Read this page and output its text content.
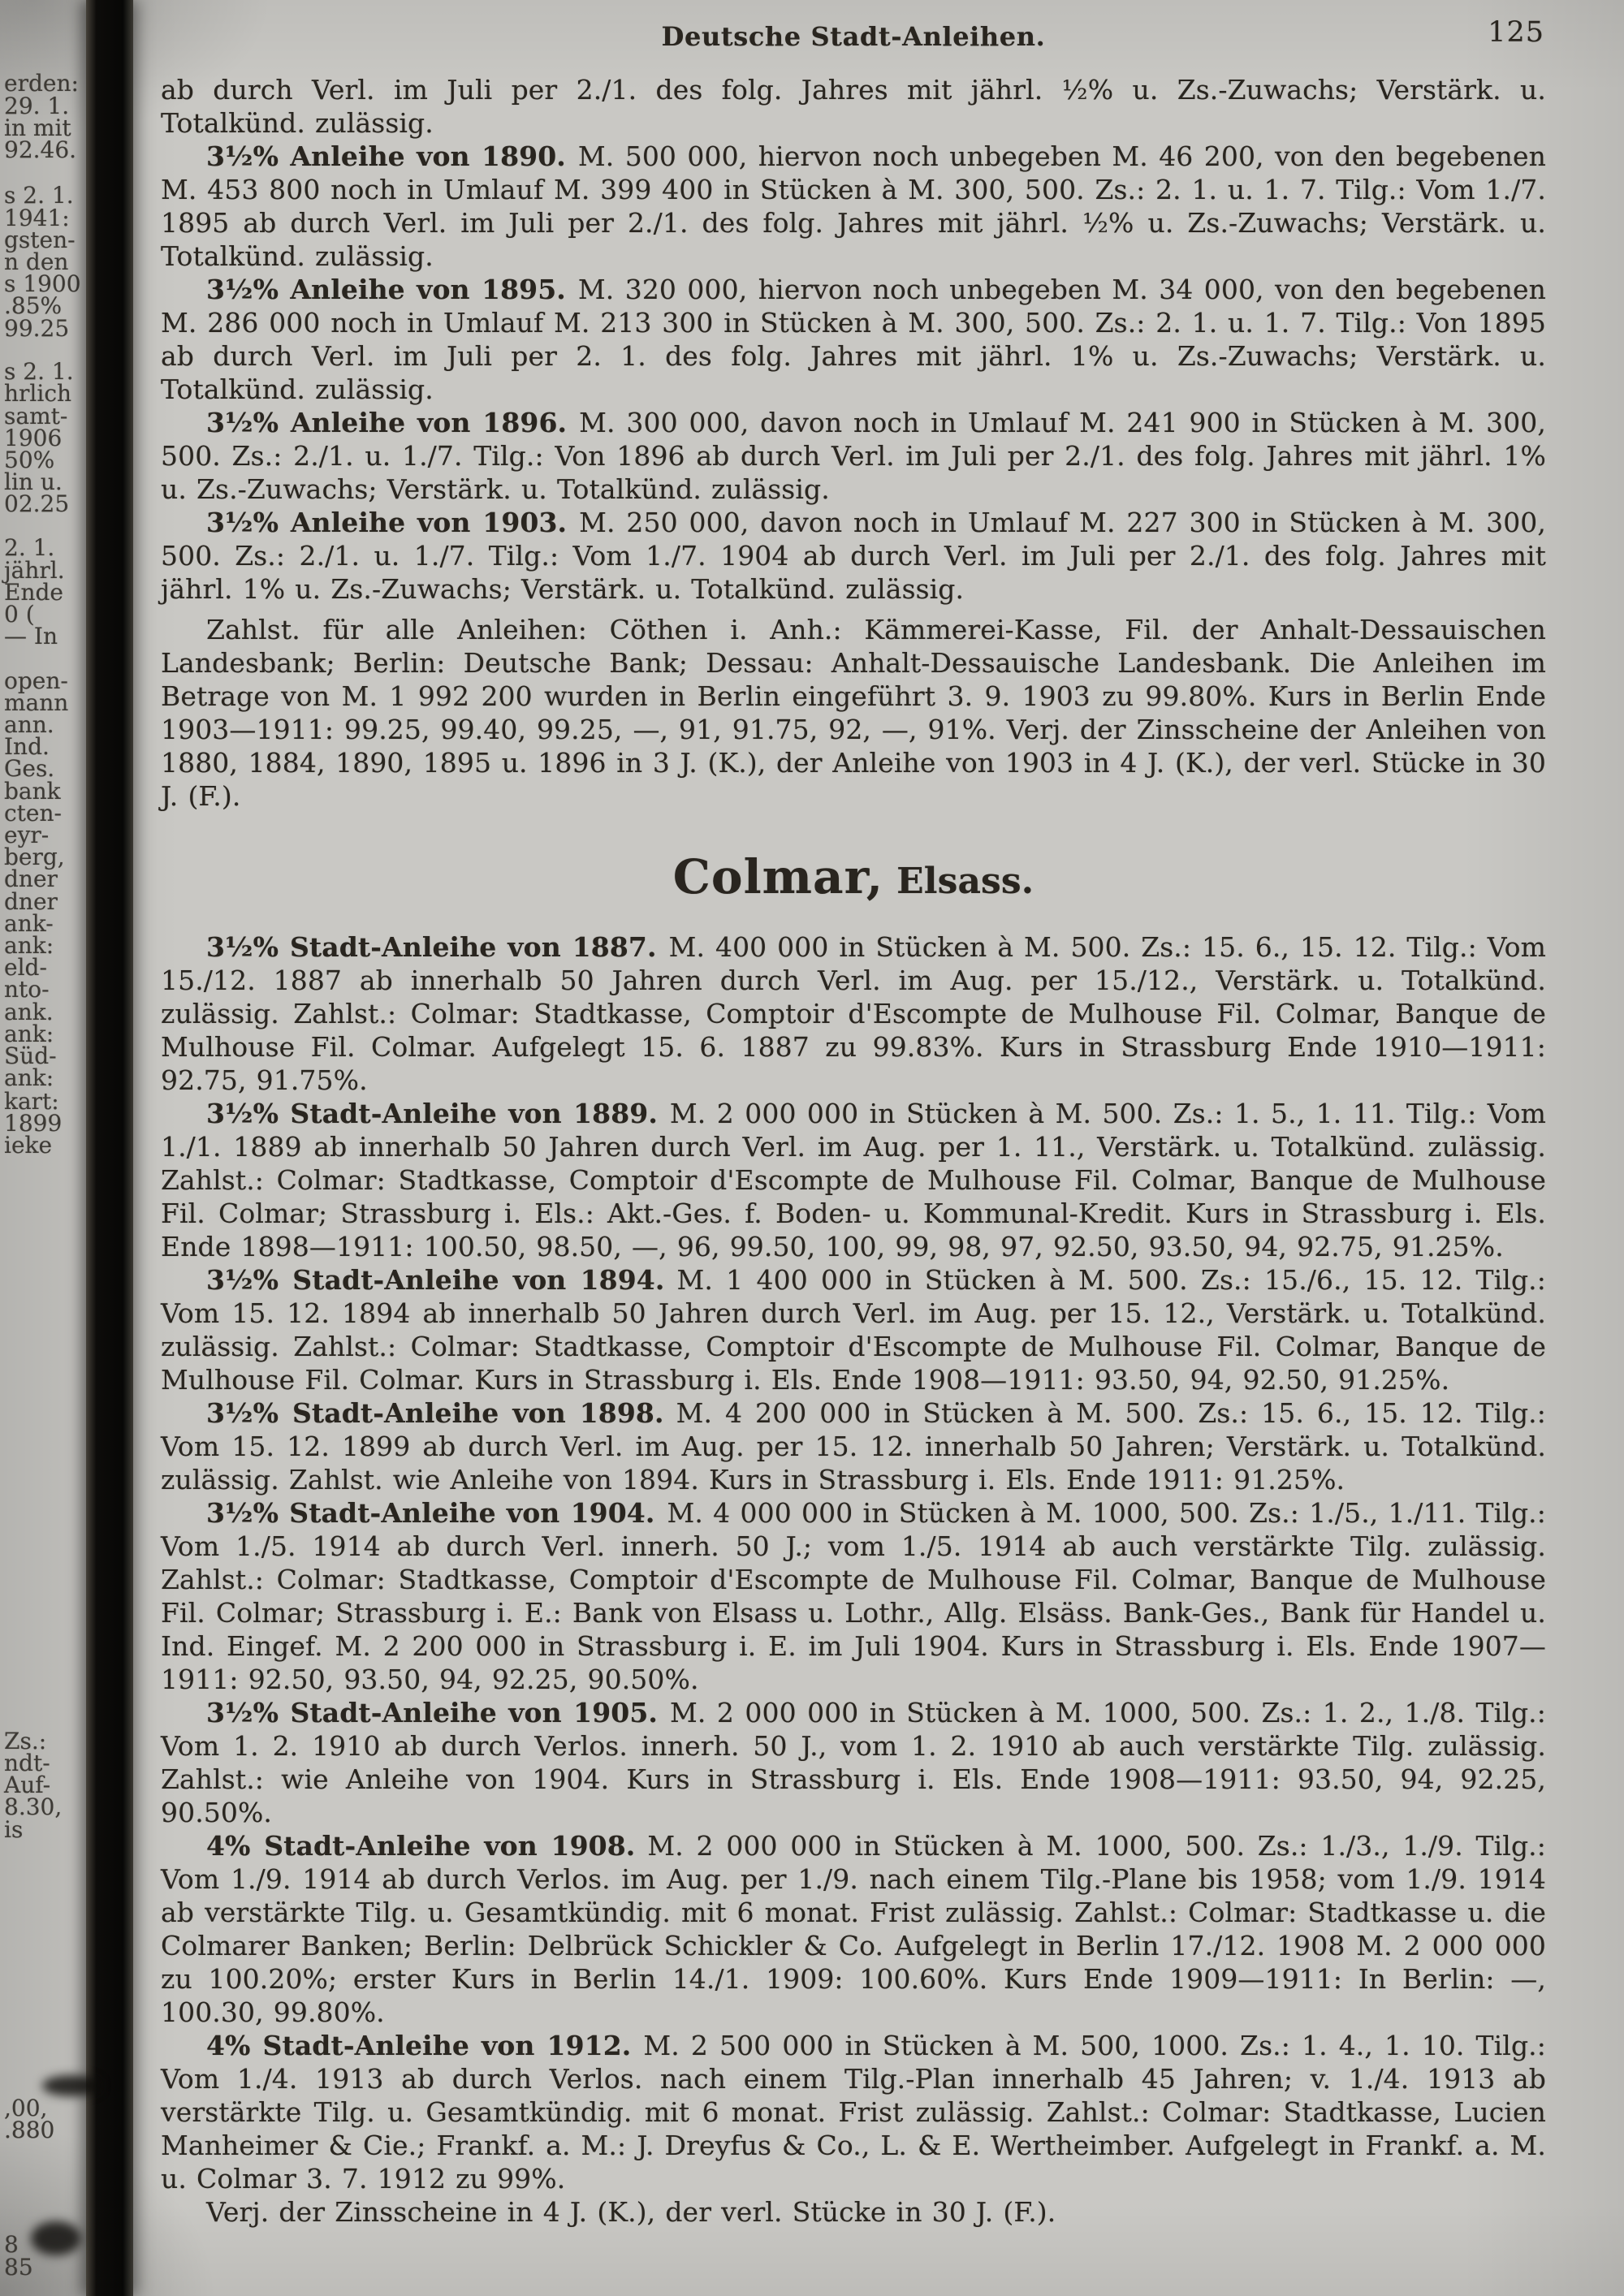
erden:
29. 1.
in mit
92.46.
s 2. 1.
1941:
gsten-
n den
s 1900
.85%
99.25
s 2. 1.
hrlich
samt-
1906
50%
lin u.
02.25
2. 1.
jährl.
Ende
0 (
— In
open-
mann
ann.
Ind.
Ges.
bank
cten-
eyr-
berg,
dner
dner
ank-
ank:
eld-
nto-
ank.
ank:
Süd-
ank:
kart:
1899
ieke
Zs.:
ndt-
Auf-
8.30,
is
,00,
.880
8
85
Deutsche Stadt-Anleihen.	125

ab durch Verl. im Juli per 2./1. des folg. Jahres mit jährl. ½% u. Zs.-Zuwachs; Verstärk. u. Totalkünd. zulässig.

3½% Anleihe von 1890. M. 500 000, hiervon noch unbegeben M. 46 200, von den begebenen M. 453 800 noch in Umlauf M. 399 400 in Stücken à M. 300, 500. Zs.: 2. 1. u. 1. 7. Tilg.: Vom 1./7. 1895 ab durch Verl. im Juli per 2./1. des folg. Jahres mit jährl. ½% u. Zs.-Zuwachs; Verstärk. u. Totalkünd. zulässig.

3½% Anleihe von 1895. M. 320 000, hiervon noch unbegeben M. 34 000, von den begebenen M. 286 000 noch in Umlauf M. 213 300 in Stücken à M. 300, 500. Zs.: 2. 1. u. 1. 7. Tilg.: Von 1895 ab durch Verl. im Juli per 2. 1. des folg. Jahres mit jährl. 1% u. Zs.-Zuwachs; Verstärk. u. Totalkünd. zulässig.

3½% Anleihe von 1896. M. 300 000, davon noch in Umlauf M. 241 900 in Stücken à M. 300, 500. Zs.: 2./1. u. 1./7. Tilg.: Von 1896 ab durch Verl. im Juli per 2./1. des folg. Jahres mit jährl. 1% u. Zs.-Zuwachs; Verstärk. u. Totalkünd. zulässig.

3½% Anleihe von 1903. M. 250 000, davon noch in Umlauf M. 227 300 in Stücken à M. 300, 500. Zs.: 2./1. u. 1./7. Tilg.: Vom 1./7. 1904 ab durch Verl. im Juli per 2./1. des folg. Jahres mit jährl. 1% u. Zs.-Zuwachs; Verstärk. u. Totalkünd. zulässig.

Zahlst. für alle Anleihen: Cöthen i. Anh.: Kämmerei-Kasse, Fil. der Anhalt-Dessauischen Landesbank; Berlin: Deutsche Bank; Dessau: Anhalt-Dessauische Landesbank. Die Anleihen im Betrage von M. 1 992 200 wurden in Berlin eingeführt 3. 9. 1903 zu 99.80%. Kurs in Berlin Ende 1903—1911: 99.25, 99.40, 99.25, —, 91, 91.75, 92, —, 91%. Verj. der Zinsscheine der Anleihen von 1880, 1884, 1890, 1895 u. 1896 in 3 J. (K.), der Anleihe von 1903 in 4 J. (K.), der verl. Stücke in 30 J. (F.).

Colmar, Elsass.

3½% Stadt-Anleihe von 1887. M. 400 000 in Stücken à M. 500. Zs.: 15. 6., 15. 12. Tilg.: Vom 15./12. 1887 ab innerhalb 50 Jahren durch Verl. im Aug. per 15./12., Verstärk. u. Totalkünd. zulässig. Zahlst.: Colmar: Stadtkasse, Comptoir d'Escompte de Mulhouse Fil. Colmar, Banque de Mulhouse Fil. Colmar. Aufgelegt 15. 6. 1887 zu 99.83%. Kurs in Strassburg Ende 1910—1911: 92.75, 91.75%.

3½% Stadt-Anleihe von 1889. M. 2 000 000 in Stücken à M. 500. Zs.: 1. 5., 1. 11. Tilg.: Vom 1./1. 1889 ab innerhalb 50 Jahren durch Verl. im Aug. per 1. 11., Verstärk. u. Totalkünd. zulässig. Zahlst.: Colmar: Stadtkasse, Comptoir d'Escompte de Mulhouse Fil. Colmar, Banque de Mulhouse Fil. Colmar; Strassburg i. Els.: Akt.-Ges. f. Boden- u. Kommunal-Kredit. Kurs in Strassburg i. Els. Ende 1898—1911: 100.50, 98.50, —, 96, 99.50, 100, 99, 98, 97, 92.50, 93.50, 94, 92.75, 91.25%.

3½% Stadt-Anleihe von 1894. M. 1 400 000 in Stücken à M. 500. Zs.: 15./6., 15. 12. Tilg.: Vom 15. 12. 1894 ab innerhalb 50 Jahren durch Verl. im Aug. per 15. 12., Verstärk. u. Totalkünd. zulässig. Zahlst.: Colmar: Stadtkasse, Comptoir d'Escompte de Mulhouse Fil. Colmar, Banque de Mulhouse Fil. Colmar. Kurs in Strassburg i. Els. Ende 1908—1911: 93.50, 94, 92.50, 91.25%.

3½% Stadt-Anleihe von 1898. M. 4 200 000 in Stücken à M. 500. Zs.: 15. 6., 15. 12. Tilg.: Vom 15. 12. 1899 ab durch Verl. im Aug. per 15. 12. innerhalb 50 Jahren; Verstärk. u. Totalkünd. zulässig. Zahlst. wie Anleihe von 1894. Kurs in Strassburg i. Els. Ende 1911: 91.25%.

3½% Stadt-Anleihe von 1904. M. 4 000 000 in Stücken à M. 1000, 500. Zs.: 1./5., 1./11. Tilg.: Vom 1./5. 1914 ab durch Verl. innerh. 50 J.; vom 1./5. 1914 ab auch verstärkte Tilg. zulässig. Zahlst.: Colmar: Stadtkasse, Comptoir d'Escompte de Mulhouse Fil. Colmar, Banque de Mulhouse Fil. Colmar; Strassburg i. E.: Bank von Elsass u. Lothr., Allg. Elsäss. Bank-Ges., Bank für Handel u. Ind. Eingef. M. 2 200 000 in Strassburg i. E. im Juli 1904. Kurs in Strassburg i. Els. Ende 1907—1911: 92.50, 93.50, 94, 92.25, 90.50%.

3½% Stadt-Anleihe von 1905. M. 2 000 000 in Stücken à M. 1000, 500. Zs.: 1. 2., 1./8. Tilg.: Vom 1. 2. 1910 ab durch Verlos. innerh. 50 J., vom 1. 2. 1910 ab auch verstärkte Tilg. zulässig. Zahlst.: wie Anleihe von 1904. Kurs in Strassburg i. Els. Ende 1908—1911: 93.50, 94, 92.25, 90.50%.

4% Stadt-Anleihe von 1908. M. 2 000 000 in Stücken à M. 1000, 500. Zs.: 1./3., 1./9. Tilg.: Vom 1./9. 1914 ab durch Verlos. im Aug. per 1./9. nach einem Tilg.-Plane bis 1958; vom 1./9. 1914 ab verstärkte Tilg. u. Gesamtkündig. mit 6 monat. Frist zulässig. Zahlst.: Colmar: Stadtkasse u. die Colmarer Banken; Berlin: Delbrück Schickler & Co. Aufgelegt in Berlin 17./12. 1908 M. 2 000 000 zu 100.20%; erster Kurs in Berlin 14./1. 1909: 100.60%. Kurs Ende 1909—1911: In Berlin: —, 100.30, 99.80%.

4% Stadt-Anleihe von 1912. M. 2 500 000 in Stücken à M. 500, 1000. Zs.: 1. 4., 1. 10. Tilg.: Vom 1./4. 1913 ab durch Verlos. nach einem Tilg.-Plan innerhalb 45 Jahren; v. 1./4. 1913 ab verstärkte Tilg. u. Gesamtkündig. mit 6 monat. Frist zulässig. Zahlst.: Colmar: Stadtkasse, Lucien Manheimer & Cie.; Frankf. a. M.: J. Dreyfus & Co., L. & E. Wertheimber. Aufgelegt in Frankf. a. M. u. Colmar 3. 7. 1912 zu 99%.

Verj. der Zinsscheine in 4 J. (K.), der verl. Stücke in 30 J. (F.).
